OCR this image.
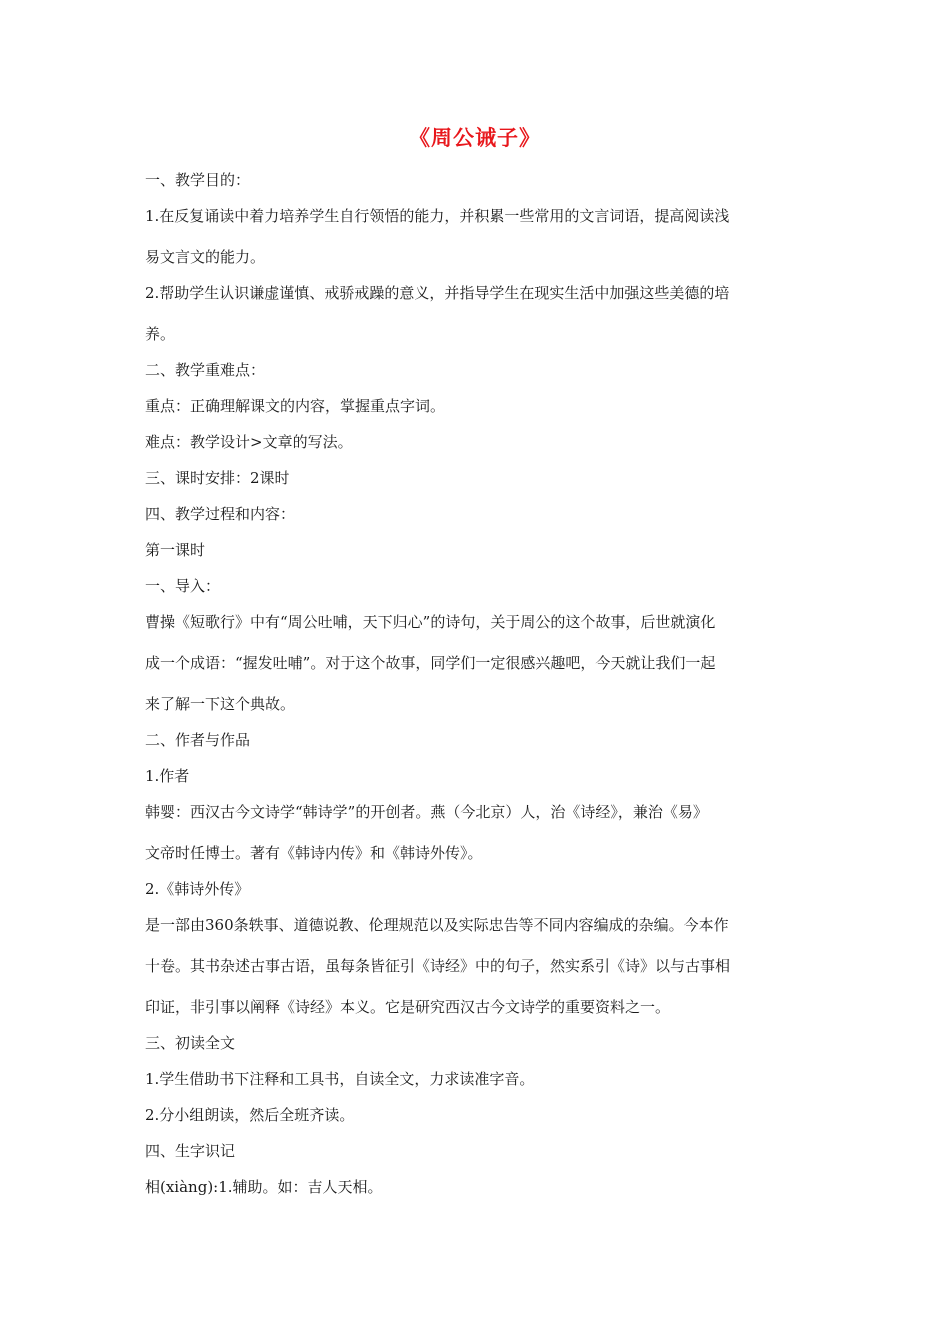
《周公诫子》
一、教学目的：
1.在反复诵读中着力培养学生自行领悟的能力，并积累一些常用的文言词语，提高阅读浅
易文言文的能力。
2.帮助学生认识谦虚谨慎、戒骄戒躁的意义，并指导学生在现实生活中加强这些美德的培
养。
二、教学重难点：
重点：正确理解课文的内容，掌握重点字词。
难点：教学设计>文章的写法。
三、课时安排：2课时
四、教学过程和内容：
第一课时
一、导入：
曹操《短歌行》中有“周公吐哺，天下归心”的诗句，关于周公的这个故事，后世就演化
成一个成语：“握发吐哺”。对于这个故事，同学们一定很感兴趣吧，今天就让我们一起
来了解一下这个典故。
二、作者与作品
1.作者
韩婴：西汉古今文诗学“韩诗学”的开创者。燕（今北京）人，治《诗经》，兼治《易》
文帝时任博士。著有《韩诗内传》和《韩诗外传》。
2.《韩诗外传》
是一部由360条轶事、道德说教、伦理规范以及实际忠告等不同内容编成的杂编。今本作
十卷。其书杂述古事古语，虽每条皆征引《诗经》中的句子，然实系引《诗》以与古事相
印证，非引事以阐释《诗经》本义。它是研究西汉古今文诗学的重要资料之一。
三、初读全文
1.学生借助书下注释和工具书，自读全文，力求读准字音。
2.分小组朗读，然后全班齐读。
四、生字识记
相(xiàng):1.辅助。如：吉人天相。
